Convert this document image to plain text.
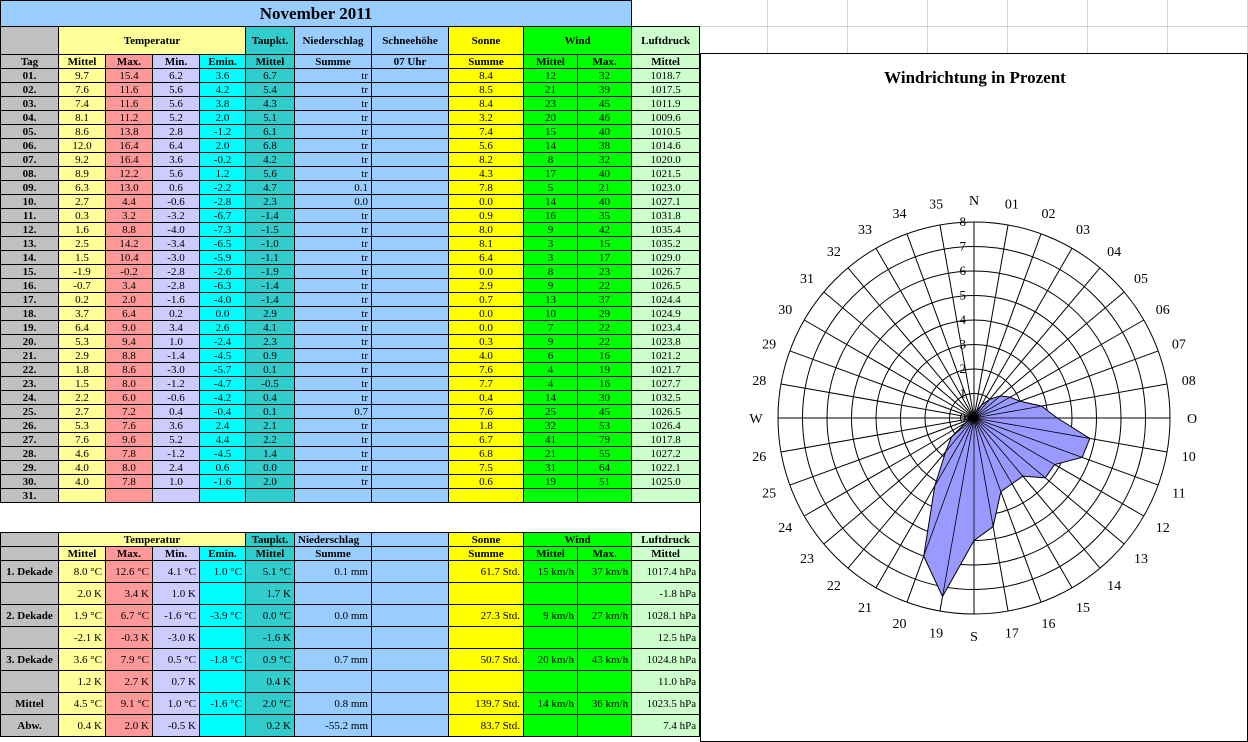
November 2011											
	Temperatur				Taupkt.	Niederschlag	Schneehöhe	Sonne	Wind		Luftdruck
Tag	Mittel	Max.	Min.	Emin.	Mittel	Summe	07 Uhr	Summe	Mittel	Max.	Mittel
01.	9.7	15.4	6.2	3.6	6.7	tr		8.4	12	32	1018.7
02.	7.6	11.6	5.6	4.2	5.4	tr		8.5	21	39	1017.5
03.	7.4	11.6	5.6	3.8	4.3	tr		8.4	23	45	1011.9
04.	8.1	11.2	5.2	2.0	5.1	tr		3.2	20	46	1009.6
05.	8.6	13.8	2.8	-1.2	6.1	tr		7.4	15	40	1010.5
06.	12.0	16.4	6.4	2.0	6.8	tr		5.6	14	38	1014.6
07.	9.2	16.4	3.6	-0.2	4.2	tr		8.2	8	32	1020.0
08.	8.9	12.2	5.6	1.2	5.6	tr		4.3	17	40	1021.5
09.	6.3	13.0	0.6	-2.2	4.7	0.1		7.8	5	21	1023.0
10.	2.7	4.4	-0.6	-2.8	2.3	0.0		0.0	14	40	1027.1
11.	0.3	3.2	-3.2	-6.7	-1.4	tr		0.9	16	35	1031.8
12.	1.6	8.8	-4.0	-7.3	-1.5	tr		8.0	9	42	1035.4
13.	2.5	14.2	-3.4	-6.5	-1.0	tr		8.1	3	15	1035.2
14.	1.5	10.4	-3.0	-5.9	-1.1	tr		6.4	3	17	1029.0
15.	-1.9	-0.2	-2.8	-2.6	-1.9	tr		0.0	8	23	1026.7
16.	-0.7	3.4	-2.8	-6.3	-1.4	tr		2.9	9	22	1026.5
17.	0.2	2.0	-1.6	-4.0	-1.4	tr		0.7	13	37	1024.4
18.	3.7	6.4	0.2	0.0	2.9	tr		0.0	10	29	1024.9
19.	6.4	9.0	3.4	2.6	4.1	tr		0.0	7	22	1023.4
20.	5.3	9.4	1.0	-2.4	2.3	tr		0.3	9	22	1023.8
21.	2.9	8.8	-1.4	-4.5	0.9	tr		4.0	6	16	1021.2
22.	1.8	8.6	-3.0	-5.7	0.1	tr		7.6	4	19	1021.7
23.	1.5	8.0	-1.2	-4.7	-0.5	tr		7.7	4	16	1027.7
24.	2.2	6.0	-0.6	-4.2	0.4	tr		0.4	14	30	1032.5
25.	2.7	7.2	0.4	-0.4	0.1	0.7		7.6	25	45	1026.5
26.	5.3	7.6	3.6	2.4	2.1	tr		1.8	32	53	1026.4
27.	7.6	9.6	5.2	4.4	2.2	tr		6.7	41	79	1017.8
28.	4.6	7.8	-1.2	-4.5	1.4	tr		6.8	21	55	1027.2
29.	4.0	8.0	2.4	0.6	0.0	tr		7.5	31	64	1022.1
30.	4.0	7.8	1.0	-1.6	2.0	tr		0.6	19	51	1025.0
31.											

	Temperatur				Taupkt.	Niederschlag		Sonne	Wind		Luftdruck
	Mittel	Max.	Min.	Emin.	Mittel	Summe		Summe	Mittel	Max.	Mittel
1. Dekade	8.0 °C	12.6 °C	4.1 °C	1.0 °C	5.1 °C	0.1 mm		61.7 Std.	15 km/h	37 km/h	1017.4 hPa
	2.0 K	3.4 K	1.0 K		1.7 K						-1.8 hPa
2. Dekade	1.9 °C	6.7 °C	-1.6 °C	-3.9 °C	0.0 °C	0.0 mm		27.3 Std.	9 km/h	27 km/h	1028.1 hPa
	-2.1 K	-0.3 K	-3.0 K		-1.6 K						12.5 hPa
3. Dekade	3.6 °C	7.9 °C	0.5 °C	-1.8 °C	0.9 °C	0.7 mm		50.7 Std.	20 km/h	43 km/h	1024.8 hPa
	1.2 K	2.7 K	0.7 K		0.4 K						11.0 hPa
Mittel	4.5 °C	9.1 °C	1.0 °C	-1.6 °C	2.0 °C	0.8 mm		139.7 Std.	14 km/h	36 km/h	1023.5 hPa
Abw.	0.4 K	2.0 K	-0.5 K		0.2 K	-55.2 mm		83.7 Std.			7.4 hPa
Windrichtung in Prozent
0
1
2
3
4
5
6
7
8
N 01
02
03
04
05
06
07
08
O
10
11
12
13
14
15
16
17
S
19
20
21
22
23
24
25
26
W
28
29
30
31
32
33
34
35
